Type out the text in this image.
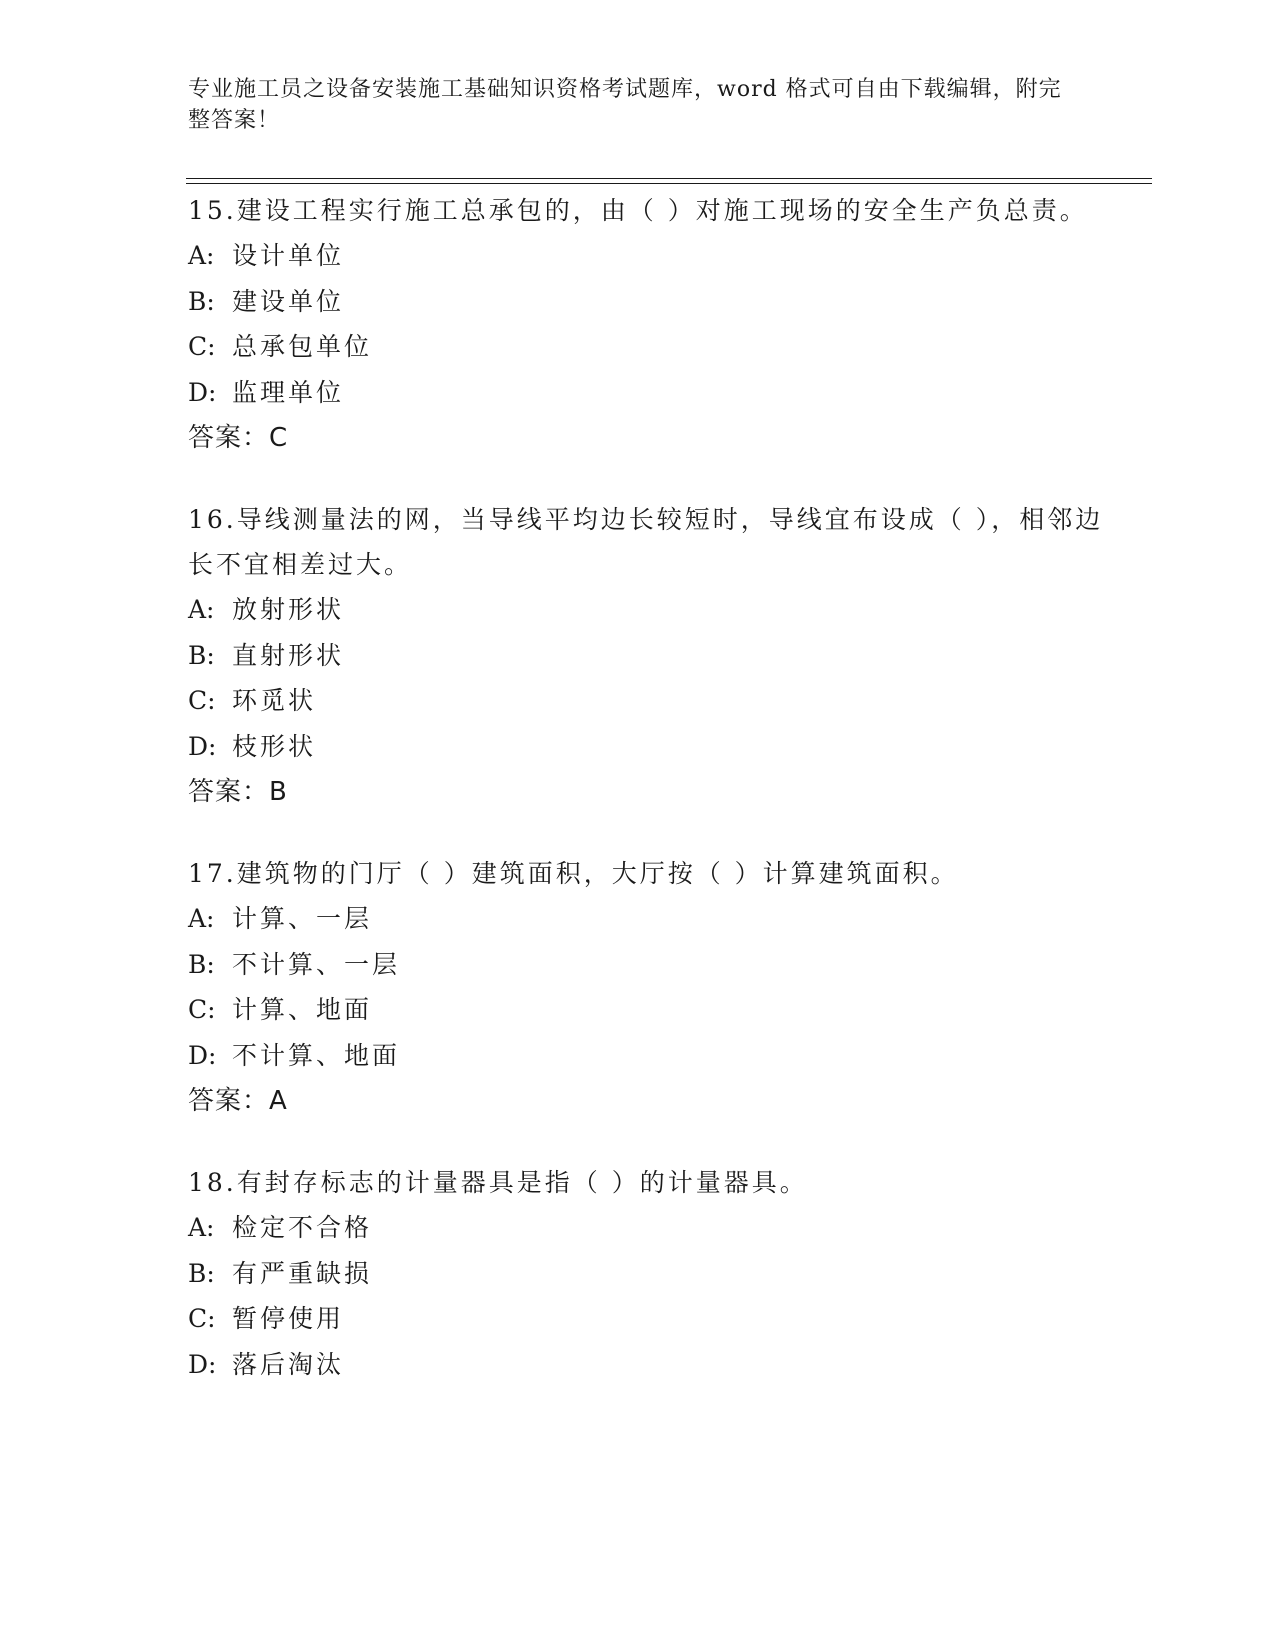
专业施工员之设备安装施工基础知识资格考试题库，word 格式可自由下载编辑，附完整答案！

15.建设工程实行施工总承包的，由（ ）对施工现场的安全生产负总责。

A: 设计单位

B: 建设单位

C: 总承包单位

D: 监理单位

答案：C

16.导线测量法的网，当导线平均边长较短时，导线宜布设成（ ），相邻边长不宜相差过大。

A: 放射形状

B: 直射形状

C: 环觅状

D: 枝形状

答案：B

17.建筑物的门厅（ ）建筑面积，大厅按（ ）计算建筑面积。

A: 计算、一层

B: 不计算、一层

C: 计算、地面

D: 不计算、地面

答案：A

18.有封存标志的计量器具是指（ ）的计量器具。

A: 检定不合格

B: 有严重缺损

C: 暂停使用

D: 落后淘汰
